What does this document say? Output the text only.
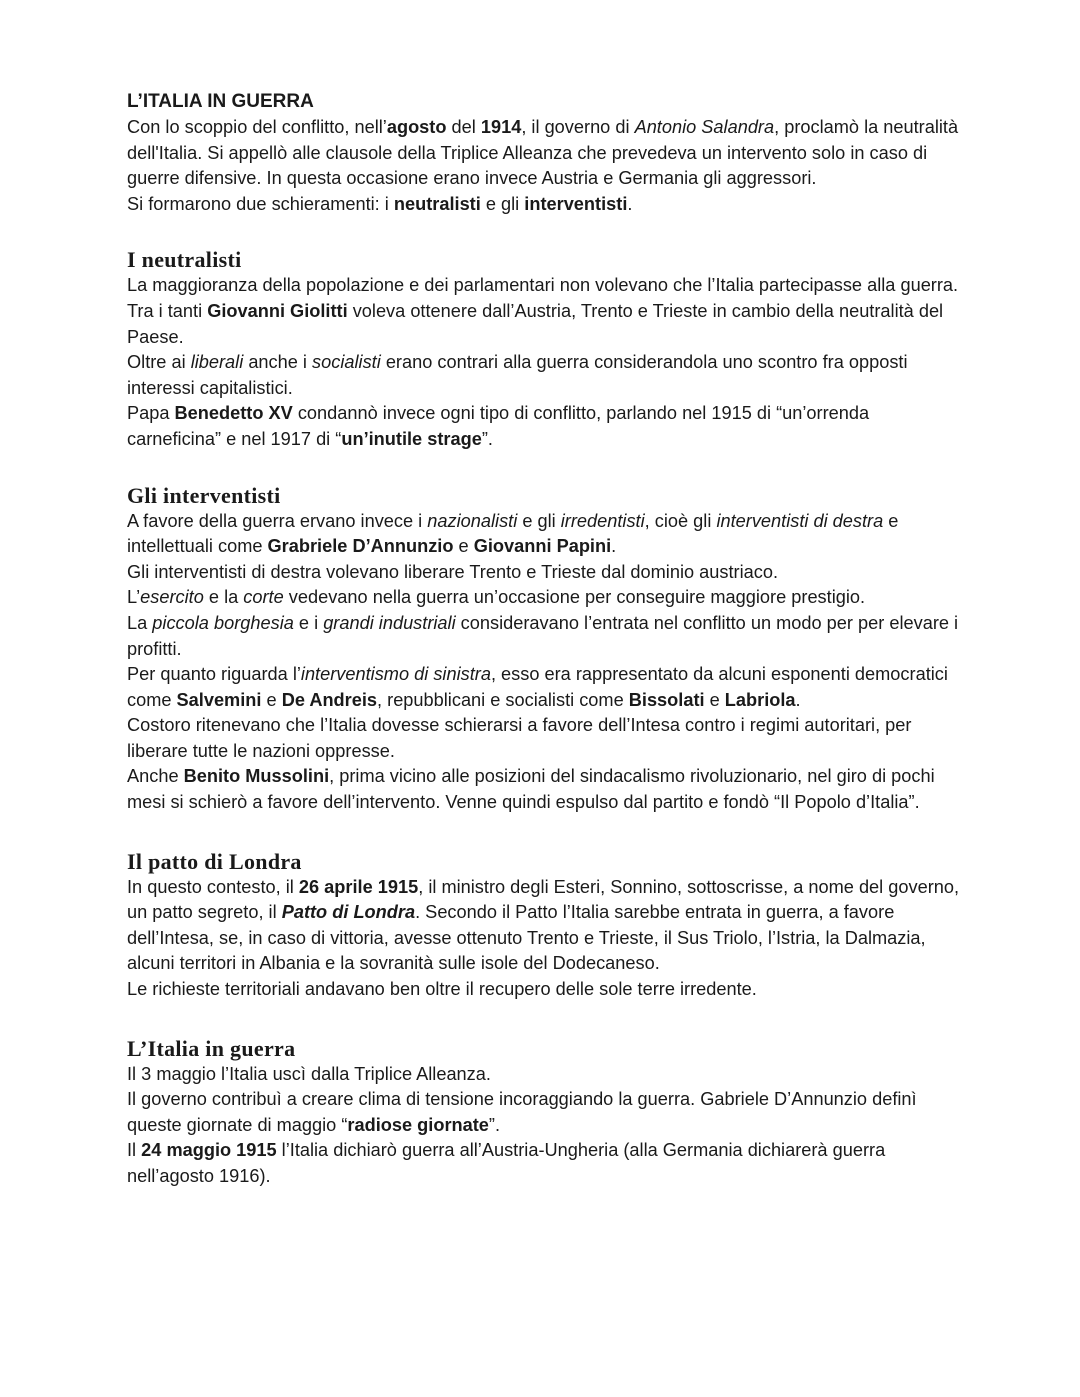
L’ITALIA IN GUERRA

Con lo scoppio del conflitto, nell’agosto del 1914, il governo di Antonio Salandra, proclamò la neutralità dell'Italia. Si appellò alle clausole della Triplice Alleanza che prevedeva un intervento solo in caso di guerre difensive. In questa occasione erano invece Austria e Germania gli aggressori.

Si formarono due schieramenti: i neutralisti e gli interventisti.

I neutralisti

La maggioranza della popolazione e dei parlamentari non volevano che l’Italia partecipasse alla guerra. Tra i tanti Giovanni Giolitti voleva ottenere dall’Austria, Trento e Trieste in cambio della neutralità del Paese.

Oltre ai liberali anche i socialisti erano contrari alla guerra considerandola uno scontro fra opposti interessi capitalistici.

Papa Benedetto XV condannò invece ogni tipo di conflitto, parlando nel 1915 di “un’orrenda carneficina” e nel 1917 di “un’inutile strage”.

Gli interventisti

A favore della guerra ervano invece i nazionalisti e gli irredentisti, cioè gli interventisti di destra e intellettuali come Grabriele D’Annunzio e Giovanni Papini.

Gli interventisti di destra volevano liberare Trento e Trieste dal dominio austriaco.

L’esercito e la corte vedevano nella guerra un’occasione per conseguire maggiore prestigio.

La piccola borghesia e i grandi industriali consideravano l’entrata nel conflitto un modo per per elevare i profitti.

Per quanto riguarda l’interventismo di sinistra, esso era rappresentato da alcuni esponenti democratici come Salvemini e De Andreis, repubblicani e socialisti come Bissolati e Labriola.

Costoro ritenevano che l’Italia dovesse schierarsi a favore dell’Intesa contro i regimi autoritari, per liberare tutte le nazioni oppresse.

Anche Benito Mussolini, prima vicino alle posizioni del sindacalismo rivoluzionario, nel giro di pochi mesi si schierò a favore dell’intervento. Venne quindi espulso dal partito e fondò “Il Popolo d’Italia”.

Il patto di Londra

In questo contesto, il 26 aprile 1915, il ministro degli Esteri, Sonnino, sottoscrisse, a nome del governo, un patto segreto, il Patto di Londra. Secondo il Patto l’Italia sarebbe entrata in guerra, a favore dell’Intesa, se, in caso di vittoria, avesse ottenuto Trento e Trieste, il Sus Triolo, l’Istria, la Dalmazia, alcuni territori in Albania e la sovranità sulle isole del Dodecaneso.

Le richieste territoriali andavano ben oltre il recupero delle sole terre irredente.

L’Italia in guerra

Il 3 maggio l’Italia uscì dalla Triplice Alleanza.

Il governo contribuì a creare clima di tensione incoraggiando la guerra. Gabriele D’Annunzio definì queste giornate di maggio “radiose giornate”.

Il 24 maggio 1915 l’Italia dichiarò guerra all’Austria-Ungheria (alla Germania dichiarerà guerra nell’agosto 1916).
